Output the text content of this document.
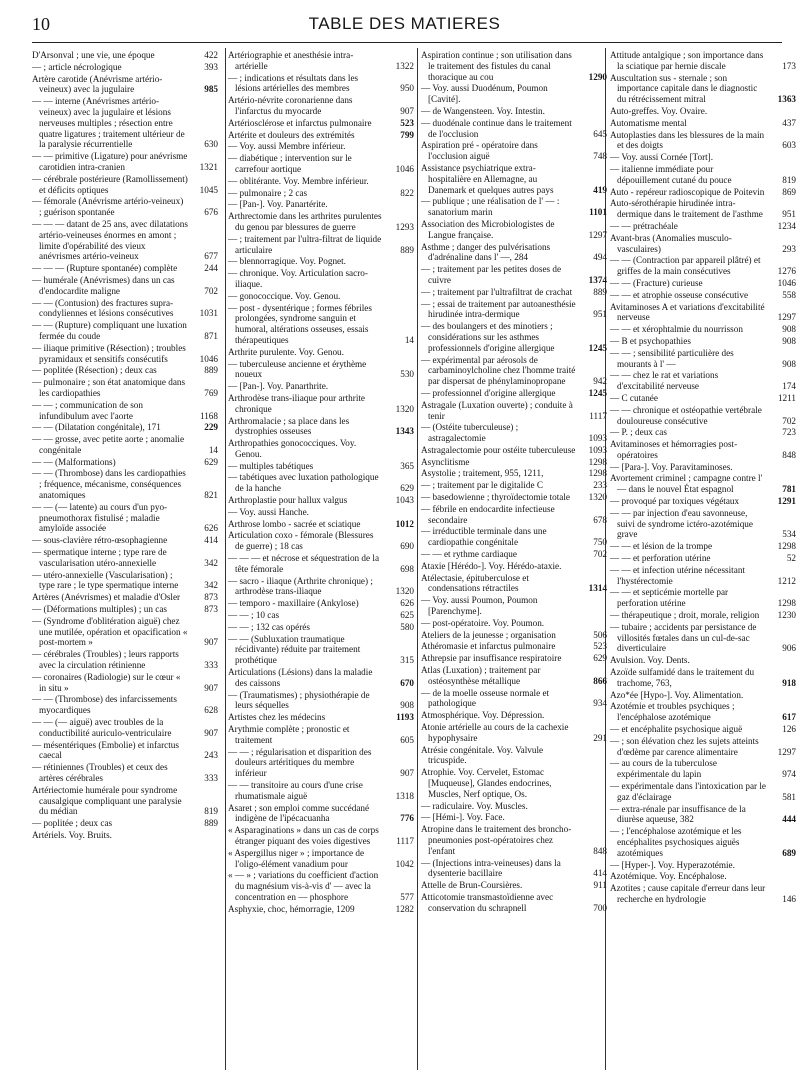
10	TABLE DES MATIERES
D'Arsonval ; une vie, une époque	422
— ; article nécrologique	393
Artère carotide (Anévrisme artério-veineux) avec la jugulaire	985
— — interne (Anévrismes artério-veineux) avec la jugulaire et lésions nerveuses multiples ; résection entre quatre ligatures ; traitement ultérieur de la paralysie récurrentielle	630
— — primitive (Ligature) pour anévrisme carotidien intra-cranien	1321
— cérébrale postérieure (Ramollissement) et déficits optiques	1045
— fémorale (Anévrisme artério-veineux) ; guérison spontanée	676
— — — datant de 25 ans, avec dilatations artério-veineuses énormes en amont ; limite d'opérabilité des vieux anévrismes artério-veineux	677
— — — (Rupture spontanée) complète	244
— humérale (Anévrismes) dans un cas d'endocardite maligne	702
— — (Contusion) des fractures supra-condyliennes et lésions consécutives	1031
— — (Rupture) compliquant une luxation fermée du coude	871
— iliaque primitive (Résection) ; troubles pyramidaux et sensitifs consécutifs	1046
— poplitée (Résection) ; deux cas	889
— pulmonaire ; son état anatomique dans les cardiopathies	769
— — ; communication de son infundibulum avec l'aorte	1168
— — (Dilatation congénitale), 171	229
— — grosse, avec petite aorte ; anomalie congénitale	14
— — (Malformations)	629
— — (Thrombose) dans les cardiopathies ; fréquence, mécanisme, conséquences anatomiques	821
— — (— latente) au cours d'un pyo-pneumothorax fistulisé ; maladie amyloïde associée	626
— sous-clavière rétro-œsophagienne	414
— spermatique interne ; type rare de vascularisation utéro-annexielle	342
— utéro-annexielle (Vascularisation) ; type rare ; le type spermatique interne	342
Artères (Anévrismes) et maladie d'Osler	873
— (Déformations multiples) ; un cas	873
— (Syndrome d'oblitération aiguë) chez une mutilée, opération et opacification « post-mortem »	907
— cérébrales (Troubles) ; leurs rapports avec la circulation rétinienne	333
— coronaires (Radiologie) sur le cœur « in situ »	907
— — (Thrombose) des infarcissements myocardiques	628
— — (— aiguë) avec troubles de la conductibilité auriculo-ventriculaire	907
— mésentériques (Embolie) et infarctus caecal	243
— rétiniennes (Troubles) et ceux des artères cérébrales	333
Artériectomie humérale pour syndrome causalgique compliquant une paralysie du médian	819
— poplitée ; deux cas	889
Artériels. Voy. Bruits.
Artériographie et anesthésie intra-artérielle	1322
— ; indications et résultats dans les lésions artérielles des membres	950
Artério-névrite coronarienne dans l'infarctus du myocarde	907
Artériosclérose et infarctus pulmonaire	523
Artérite et douleurs des extrémités	799
— Voy. aussi Membre inférieur.
— diabétique ; intervention sur le carrefour aortique	1046
— oblitérante. Voy. Membre inférieur.
— pulmonaire ; 2 cas	822
— [Pan-]. Voy. Panartérite.
Arthrectomie dans les arthrites purulentes du genou par blessures de guerre	1293
— ; traitement par l'ultra-filtrat de liquide articulaire	889
— blennorragique. Voy. Pognet.
— chronique. Voy. Articulation sacro-iliaque.
— gonococcique. Voy. Genou.
— post - dysentérique ; formes fébriles prolongées, syndrome sanguin et humoral, altérations osseuses, essais thérapeutiques	14
Arthrite purulente. Voy. Genou.
— tuberculeuse ancienne et érythème noueux	530
— [Pan-]. Voy. Panarthrite.
Arthrodèse trans-iliaque pour arthrite chronique	1320
Arthromalacie ; sa place dans les dystrophies osseuses	1343
Arthropathies gonococciques. Voy. Genou.
— multiples tabétiques	365
— tabétiques avec luxation pathologique de la hanche	629
Arthroplastie pour hallux valgus	1043
— Voy. aussi Hanche.
Arthrose lombo - sacrée et sciatique	1012
Articulation coxo - fémorale (Blessures de guerre) ; 18 cas	690
— — — et nécrose et séquestration de la tête fémorale	698
— sacro - iliaque (Arthrite chronique) ; arthrodèse trans-iliaque	1320
— temporo - maxillaire (Ankylose)	626
— — ; 10 cas	625
— — ; 132 cas opérés	580
— — (Subluxation traumatique récidivante) réduite par traitement prothétique	315
Articulations (Lésions) dans la maladie des caissons	670
— (Traumatismes) ; physiothérapie de leurs séquelles	908
Artistes chez les médecins	1193
Arythmie complète ; pronostic et traitement	605
— — ; régularisation et disparition des douleurs artéritiques du membre inférieur	907
— — transitoire au cours d'une crise rhumatismale aiguë	1318
Asaret ; son emploi comme succédané indigène de l'ipécacuanha	776
« Asparaginations » dans un cas de corps étranger piquant des voies digestives	1117
« Aspergillus niger » ; importance de l'oligo-élément vanadium pour	1042
« — » ; variations du coefficient d'action du magnésium vis-à-vis d' — avec la concentration en — phosphore	577
Asphyxie, choc, hémorragie, 1209	1282
Aspiration continue ; son utilisation dans le traitement des fistules du canal thoracique au cou	1290
— Voy. aussi Duodénum, Poumon [Cavité].
— de Wangensteen. Voy. Intestin.
— duodénale continue dans le traitement de l'occlusion	645
Aspiration pré - opératoire dans l'occlusion aiguë	748
Assistance psychiatrique extra-hospitalière en Allemagne, au Danemark et quelques autres pays	419
— publique ; une réalisation de l' — : sanatorium marin	1101
Association des Microbiologistes de Langue française.	1297
Asthme ; danger des pulvérisations d'adrénaline dans l' —, 284	494
— ; traitement par les petites doses de cuivre	1374
— ; traitement par l'ultrafiltrat de crachat	889
— ; essai de traitement par autoanesthésie hirudinée intra-dermique	951
— des boulangers et des minotiers ; considérations sur les asthmes professionnels d'origine allergique	1245
— expérimental par aérosols de carbaminoylcholine chez l'homme traité par dispersat de phénylaminopropane	942
— professionnel d'origine allergique	1245
Astragale (Luxation ouverte) ; conduite à tenir	1117
— (Ostéite tuberculeuse) ; astragalectomie	1093
Astragalectomie pour ostéite tuberculeuse	1093
Asynclitisme	1298
Asystolie ; traitement, 955, 1211,	1298
— ; traitement par le digitalide C	233
— basedowienne ; thyroïdectomie totale	1320
— fébrile en endocardite infectieuse secondaire	678
— irréductible terminale dans une cardiopathie congénitale	750
— — et rythme cardiaque	702
Ataxie [Hérédo-]. Voy. Hérédo-ataxie.
Atélectasie, épituberculose et condensations rétractiles	1314
— Voy. aussi Poumon, Poumon [Parenchyme].
— post-opératoire. Voy. Poumon.
Ateliers de la jeunesse ; organisation	506
Athéromasie et infarctus pulmonaire	523
Athrepsie par insuffisance respiratoire	629
Atlas (Luxation) ; traitement par ostéosynthèse métallique	866
— de la moelle osseuse normale et pathologique	934
Atmosphérique. Voy. Dépression.
Atonie artérielle au cours de la cachexie hypophysaire	291
Atrésie congénitale. Voy. Valvule tricuspide.
Atrophie. Voy. Cervelet, Estomac [Muqueuse], Glandes endocrines, Muscles, Nerf optique, Os.
— radiculaire. Voy. Muscles.
— [Hémi-]. Voy. Face.
Atropine dans le traitement des broncho-pneumonies post-opératoires chez l'enfant	848
— (Injections intra-veineuses) dans la dysenterie bacillaire	414
Attelle de Brun-Coursières.	911
Atticotomie transmastoïdienne avec conservation du schrapnell	700
Attitude antalgique ; son importance dans la sciatique par hernie discale	173
Auscultation sus - sternale ; son importance capitale dans le diagnostic du rétrécissement mitral	1363
Auto-greffes. Voy. Ovaire.
Automatisme mental	437
Autoplasties dans les blessures de la main et des doigts	603
— Voy. aussi Cornée [Tort].
— italienne immédiate pour dépouillement cutané du pouce	819
Auto - repéreur radioscopique de Poitevin	869
Auto-sérothérapie hirudinée intra-dermique dans le traitement de l'asthme	951
— — prétrachéale	1234
Avant-bras (Anomalies musculo-vasculaires)	293
— — (Contraction par appareil plâtré) et griffes de la main consécutives	1276
— — (Fracture) curieuse	1046
— — et atrophie osseuse consécutive	558
Avitaminoses A et variations d'excitabilité nerveuse	1297
— — et xérophtalmie du nourrisson	908
— B et psychopathies	908
— — ; sensibilité particulière des mourants à l' —	908
— — chez le rat et variations d'excitabilité nerveuse	174
— C cutanée	1211
— — chronique et ostéopathie vertébrale douloureuse consécutive	702
— P. ; deux cas	723
Avitaminoses et hémorragies post-opératoires	848
— [Para-]. Voy. Paravitaminoses.
Avortement criminel ; campagne contre l' — dans le nouvel État espagnol	781
— provoqué par toxiques végétaux	1291
— — par injection d'eau savonneuse, suivi de syndrome ictéro-azotémique grave	534
— — et lésion de la trompe	1298
— — et perforation utérine	52
— — et infection utérine nécessitant l'hystérectomie	1212
— — et septicémie mortelle par perforation utérine	1298
— thérapeutique ; droit, morale, religion	1230
— tubaire ; accidents par persistance de villosités fœtales dans un cul-de-sac diverticulaire	906
Avulsion. Voy. Dents.
Azoïde sulfamidé dans le traitement du trachome, 763,	918
Azo*ée [Hypo-]. Voy. Alimentation.
Azotémie et troubles psychiques ; l'encéphalose azotémique	617
— et encéphalite psychosique aiguë	126
— ; son élévation chez les sujets atteints d'œdème par carence alimentaire	1297
— au cours de la tuberculose expérimentale du lapin	974
— expérimentale dans l'intoxication par le gaz d'éclairage	581
— extra-rénale par insuffisance de la diurèse aqueuse, 382	444
— ; l'encéphalose azotémique et les encéphalites psychosiques aiguës azotémiques	689
— [Hyper-]. Voy. Hyperazotémie.
Azotémique. Voy. Encéphalose.
Azotites ; cause capitale d'erreur dans leur recherche en hydrologie	146
